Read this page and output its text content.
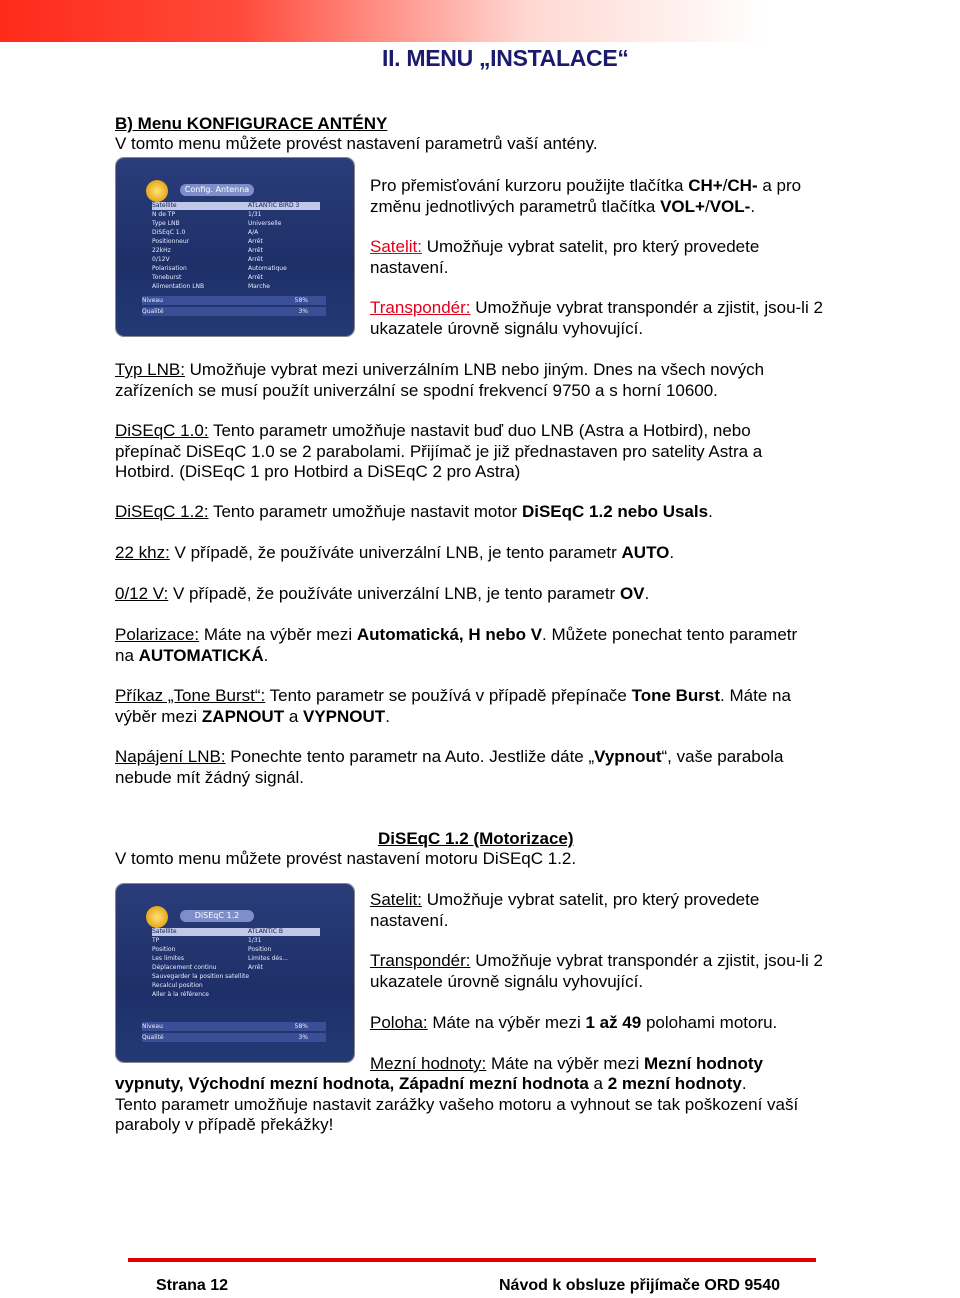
II. MENU „INSTALACE“
B) Menu KONFIGURACE ANTÉNY
V tomto menu můžete provést nastavení parametrů vaší antény.
Config. Antenna
Satellite	ATLANTIC BIRD 3
N de TP	1/31
Type LNB	Universelle
DiSEqC 1.0	A/A
Positionneur	Arrêt
22kHz	Arrêt
0/12V	Arrêt
Polarisation	Automatique
Toneburst	Arrêt
Alimentation LNB	Marche
Niveau	58%
Qualité	3%
Pro přemisťování kurzoru použijte tlačítka CH+/CH- a pro
změnu jednotlivých parametrů tlačítka VOL+/VOL-.
Satelit: Umožňuje vybrat satelit, pro který provedete
nastavení.
Transpondér: Umožňuje vybrat transpondér a zjistit, jsou-li 2
ukazatele úrovně signálu vyhovující.
Typ LNB: Umožňuje vybrat mezi univerzálním LNB nebo jiným. Dnes na všech nových
zařízeních se musí použít univerzální se spodní frekvencí 9750 a s horní 10600.
DiSEqC 1.0: Tento parametr umožňuje nastavit buď duo LNB (Astra a Hotbird), nebo
přepínač DiSEqC 1.0 se 2 parabolami. Přijímač je již přednastaven pro satelity Astra a
Hotbird. (DiSEqC 1 pro Hotbird a DiSEqC 2 pro Astra)
DiSEqC 1.2: Tento parametr umožňuje nastavit motor DiSEqC 1.2 nebo Usals.
22 khz: V případě, že používáte univerzální LNB, je tento parametr AUTO.
0/12 V: V případě, že používáte univerzální LNB, je tento parametr OV.
Polarizace: Máte na výběr mezi Automatická, H nebo V. Můžete ponechat tento parametr
na AUTOMATICKÁ.
Příkaz „Tone Burst“: Tento parametr se používá v případě přepínače Tone Burst. Máte na
výběr mezi ZAPNOUT a VYPNOUT.
Napájení LNB: Ponechte tento parametr na Auto. Jestliže dáte „Vypnout“, vaše parabola
nebude mít žádný signál.
DiSEqC 1.2 (Motorizace)
V tomto menu můžete provést nastavení motoru DiSEqC 1.2.
DiSEqC 1.2
Satellite	ATLANTIC B
TP	1/31
Position	Position
Les limites	Limites dés...
Déplacement continu	Arrêt
Sauvegarder la position satellite
Recalcul position
Aller à la référence
Niveau	58%
Qualité	3%
Satelit: Umožňuje vybrat satelit, pro který provedete
nastavení.
Transpondér: Umožňuje vybrat transpondér a zjistit, jsou-li 2
ukazatele úrovně signálu vyhovující.
Poloha: Máte na výběr mezi 1 až 49 polohami motoru.
Mezní hodnoty: Máte na výběr mezi Mezní hodnoty
vypnuty, Východní mezní hodnota, Západní mezní hodnota a 2 mezní hodnoty.
Tento parametr umožňuje nastavit zarážky vašeho motoru a vyhnout se tak poškození vaší
paraboly v případě překážky!
Strana 12	Návod k obsluze přijímače ORD 9540
